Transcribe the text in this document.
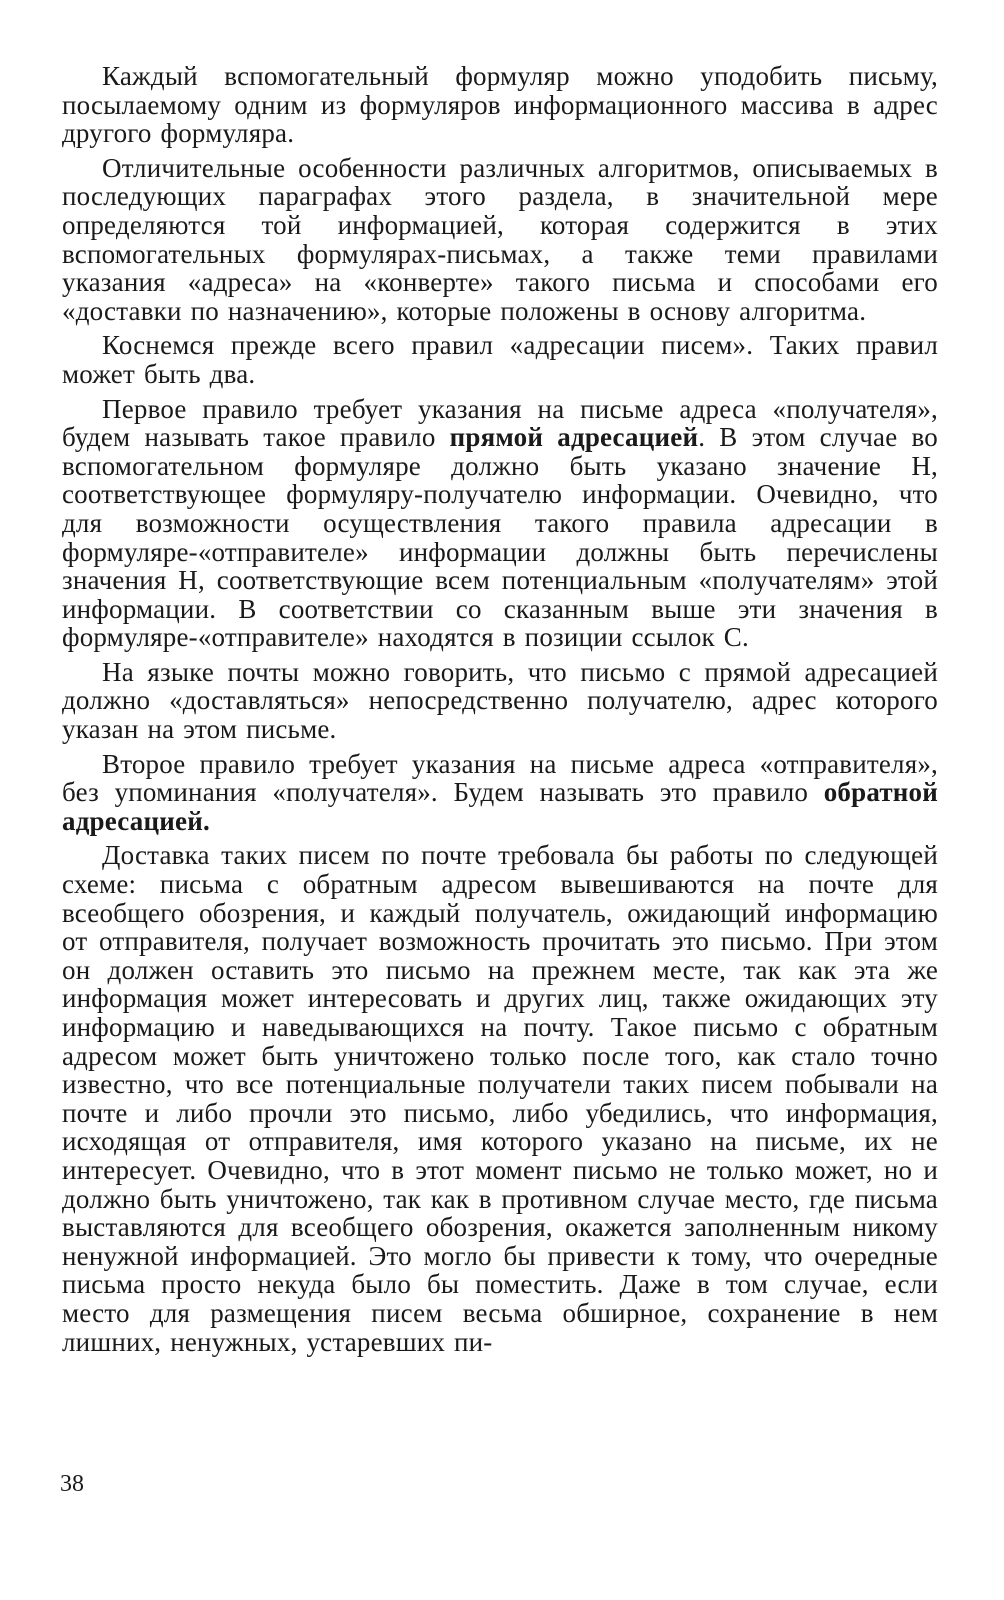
Каждый вспомогательный формуляр можно уподобить письму, посылаемому одним из формуляров информационного массива в адрес другого формуляра.

Отличительные особенности различных алгоритмов, описываемых в последующих параграфах этого раздела, в значительной мере определяются той информацией, которая содержится в этих вспомогательных формулярах-письмах, а также теми правилами указания «адреса» на «конверте» такого письма и способами его «доставки по назначению», которые положены в основу алгоритма.

Коснемся прежде всего правил «адресации писем». Таких правил может быть два.

Первое правило требует указания на письме адреса «получателя», будем называть такое правило прямой адресацией. В этом случае во вспомогательном формуляре должно быть указано значение Н, соответствующее формуляру-получателю информации. Очевидно, что для возможности осуществления такого правила адресации в формуляре-«отправителе» информации должны быть перечислены значения Н, соответствующие всем потенциальным «получателям» этой информации. В соответствии со сказанным выше эти значения в формуляре-«отправителе» находятся в позиции ссылок С.

На языке почты можно говорить, что письмо с прямой адресацией должно «доставляться» непосредственно получателю, адрес которого указан на этом письме.

Второе правило требует указания на письме адреса «отправителя», без упоминания «получателя». Будем называть это правило обратной адресацией.

Доставка таких писем по почте требовала бы работы по следующей схеме: письма с обратным адресом вывешиваются на почте для всеобщего обозрения, и каждый получатель, ожидающий информацию от отправителя, получает возможность прочитать это письмо. При этом он должен оставить это письмо на прежнем месте, так как эта же информация может интересовать и других лиц, также ожидающих эту информацию и наведывающихся на почту. Такое письмо с обратным адресом может быть уничтожено только после того, как стало точно известно, что все потенциальные получатели таких писем побывали на почте и либо прочли это письмо, либо убедились, что информация, исходящая от отправителя, имя которого указано на письме, их не интересует. Очевидно, что в этот момент письмо не только может, но и должно быть уничтожено, так как в противном случае место, где письма выставляются для всеобщего обозрения, окажется заполненным никому ненужной информацией. Это могло бы привести к тому, что очередные письма просто некуда было бы поместить. Даже в том случае, если место для размещения писем весьма обширное, сохранение в нем лишних, ненужных, устаревших пи-

38
